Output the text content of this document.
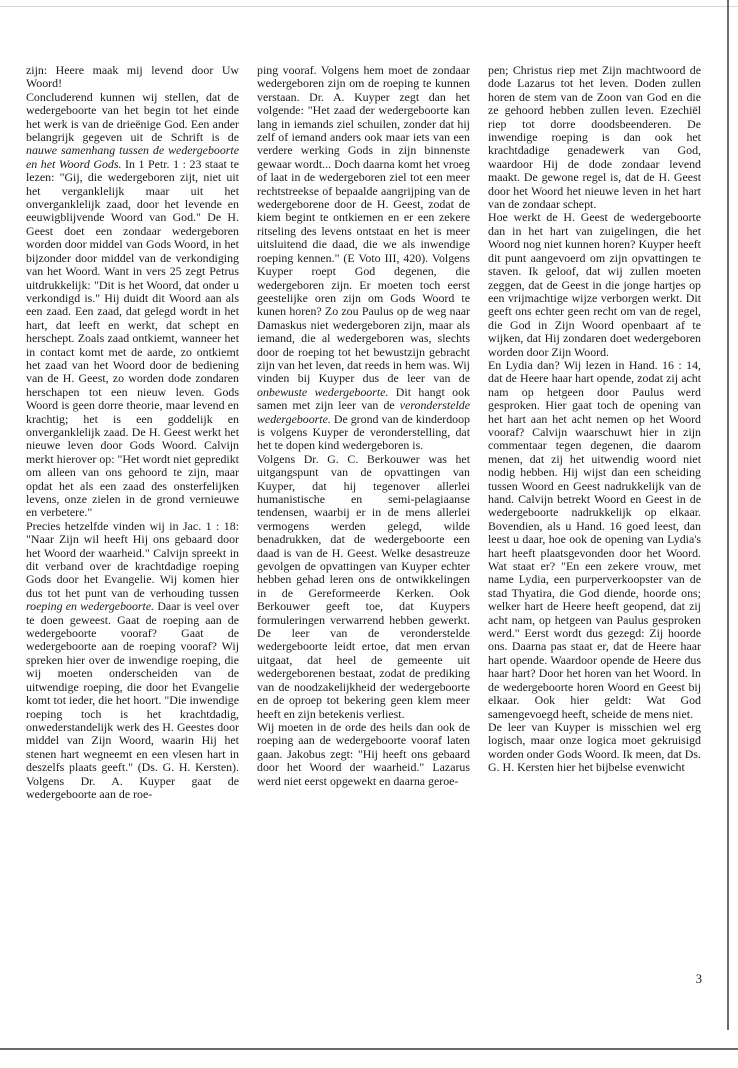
zijn: Heere maak mij levend door Uw Woord!

Concluderend kunnen wij stellen, dat de wedergeboorte van het begin tot het einde het werk is van de drieënige God. Een ander belangrijk gegeven uit de Schrift is de nauwe samenhang tussen de wedergeboorte en het Woord Gods. In 1 Petr. 1 : 23 staat te lezen: "Gij, die wedergeboren zijt, niet uit het verganklelijk maar uit het onverganklelijk zaad, door het levende en eeuwigblijvende Woord van God." De H. Geest doet een zondaar wedergeboren worden door middel van Gods Woord, in het bijzonder door middel van de verkondiging van het Woord. Want in vers 25 zegt Petrus uitdrukkelijk: "Dit is het Woord, dat onder u verkondigd is." Hij duidt dit Woord aan als een zaad. Een zaad, dat gelegd wordt in het hart, dat leeft en werkt, dat schept en herschept. Zoals zaad ontkiemt, wanneer het in contact komt met de aarde, zo ontkiemt het zaad van het Woord door de bediening van de H. Geest, zo worden dode zondaren herschapen tot een nieuw leven. Gods Woord is geen dorre theorie, maar levend en krachtig; het is een goddelijk en onverganklelijk zaad. De H. Geest werkt het nieuwe leven door Gods Woord. Calvijn merkt hierover op: "Het wordt niet gepredikt om alleen van ons gehoord te zijn, maar opdat het als een zaad des onsterfelijken levens, onze zielen in de grond vernieuwe en verbetere."

Precies hetzelfde vinden wij in Jac. 1 : 18: "Naar Zijn wil heeft Hij ons gebaard door het Woord der waarheid." Calvijn spreekt in dit verband over de krachtdadige roeping Gods door het Evangelie. Wij komen hier dus tot het punt van de verhouding tussen roeping en wedergeboorte. Daar is veel over te doen geweest. Gaat de roeping aan de wedergeboorte vooraf? Gaat de wedergeboorte aan de roeping vooraf? Wij spreken hier over de inwendige roeping, die wij moeten onderscheiden van de uitwendige roeping, die door het Evangelie komt tot ieder, die het hoort. "Die inwendige roeping toch is het krachtdadig, onwederstandelijk werk des H. Geestes door middel van Zijn Woord, waarin Hij het stenen hart wegneemt en een vlesen hart in deszelfs plaats geeft." (Ds. G. H. Kersten). Volgens Dr. A. Kuyper gaat de wedergeboorte aan de roe-

ping vooraf. Volgens hem moet de zondaar wedergeboren zijn om de roeping te kunnen verstaan. Dr. A. Kuyper zegt dan het volgende: "Het zaad der wedergeboorte kan lang in iemands ziel schuilen, zonder dat hij zelf of iemand anders ook maar iets van een verdere werking Gods in zijn binnenste gewaar wordt... Doch daarna komt het vroeg of laat in de wedergeboren ziel tot een meer rechtstreekse of bepaalde aangrijping van de wedergeborene door de H. Geest, zodat de kiem begint te ontkiemen en er een zekere ritseling des levens ontstaat en het is meer uitsluitend die daad, die we als inwendige roeping kennen." (E Voto III, 420). Volgens Kuyper roept God degenen, die wedergeboren zijn. Er moeten toch eerst geestelijke oren zijn om Gods Woord te kunen horen? Zo zou Paulus op de weg naar Damaskus niet wedergeboren zijn, maar als iemand, die al wedergeboren was, slechts door de roeping tot het bewustzijn gebracht zijn van het leven, dat reeds in hem was. Wij vinden bij Kuyper dus de leer van de onbewuste wedergeboorte. Dit hangt ook samen met zijn leer van de veronderstelde wedergeboorte. De grond van de kinderdoop is volgens Kuyper de veronderstelling, dat het te dopen kind wedergeboren is.

Volgens Dr. G. C. Berkouwer was het uitgangspunt van de opvattingen van Kuyper, dat hij tegenover allerlei humanistische en semi-pelagiaanse tendensen, waarbij er in de mens allerlei vermogens werden gelegd, wilde benadrukken, dat de wedergeboorte een daad is van de H. Geest. Welke desastreuze gevolgen de opvattingen van Kuyper echter hebben gehad leren ons de ontwikkelingen in de Gereformeerde Kerken. Ook Berkouwer geeft toe, dat Kuypers formuleringen verwarrend hebben gewerkt. De leer van de veronderstelde wedergeboorte leidt ertoe, dat men ervan uitgaat, dat heel de gemeente uit wedergeborenen bestaat, zodat de prediking van de noodzakelijkheid der wedergeboorte en de oproep tot bekering geen klem meer heeft en zijn betekenis verliest.

Wij moeten in de orde des heils dan ook de roeping aan de wedergeboorte vooraf laten gaan. Jakobus zegt: "Hij heeft ons gebaard door het Woord der waarheid." Lazarus werd niet eerst opgewekt en daarna geroe-

pen; Christus riep met Zijn machtwoord de dode Lazarus tot het leven. Doden zullen horen de stem van de Zoon van God en die ze gehoord hebben zullen leven. Ezechiël riep tot dorre doodsbeenderen. De inwendige roeping is dan ook het krachtdadige genadewerk van God, waardoor Hij de dode zondaar levend maakt. De gewone regel is, dat de H. Geest door het Woord het nieuwe leven in het hart van de zondaar schept.

Hoe werkt de H. Geest de wedergeboorte dan in het hart van zuigelingen, die het Woord nog niet kunnen horen? Kuyper heeft dit punt aangevoerd om zijn opvattingen te staven. Ik geloof, dat wij zullen moeten zeggen, dat de Geest in die jonge hartjes op een vrijmachtige wijze verborgen werkt. Dit geeft ons echter geen recht om van de regel, die God in Zijn Woord openbaart af te wijken, dat Hij zondaren doet wedergeboren worden door Zijn Woord.

En Lydia dan? Wij lezen in Hand. 16 : 14, dat de Heere haar hart opende, zodat zij acht nam op hetgeen door Paulus werd gesproken. Hier gaat toch de opening van het hart aan het acht nemen op het Woord vooraf? Calvijn waarschuwt hier in zijn commentaar tegen degenen, die daarom menen, dat zij het uitwendig woord niet nodig hebben. Hij wijst dan een scheiding tussen Woord en Geest nadrukkelijk van de hand. Calvijn betrekt Woord en Geest in de wedergeboorte nadrukkelijk op elkaar. Bovendien, als u Hand. 16 goed leest, dan leest u daar, hoe ook de opening van Lydia's hart heeft plaatsgevonden door het Woord. Wat staat er? "En een zekere vrouw, met name Lydia, een purperverkoopster van de stad Thyatira, die God diende, hoorde ons; welker hart de Heere heeft geopend, dat zij acht nam, op hetgeen van Paulus gesproken werd." Eerst wordt dus gezegd: Zij hoorde ons. Daarna pas staat er, dat de Heere haar hart opende. Waardoor opende de Heere dus haar hart? Door het horen van het Woord. In de wedergeboorte horen Woord en Geest bij elkaar. Ook hier geldt: Wat God samengevoegd heeft, scheide de mens niet.

De leer van Kuyper is misschien wel erg logisch, maar onze logica moet gekruisigd worden onder Gods Woord. Ik meen, dat Ds. G. H. Kersten hier het bijbelse evenwicht

3
